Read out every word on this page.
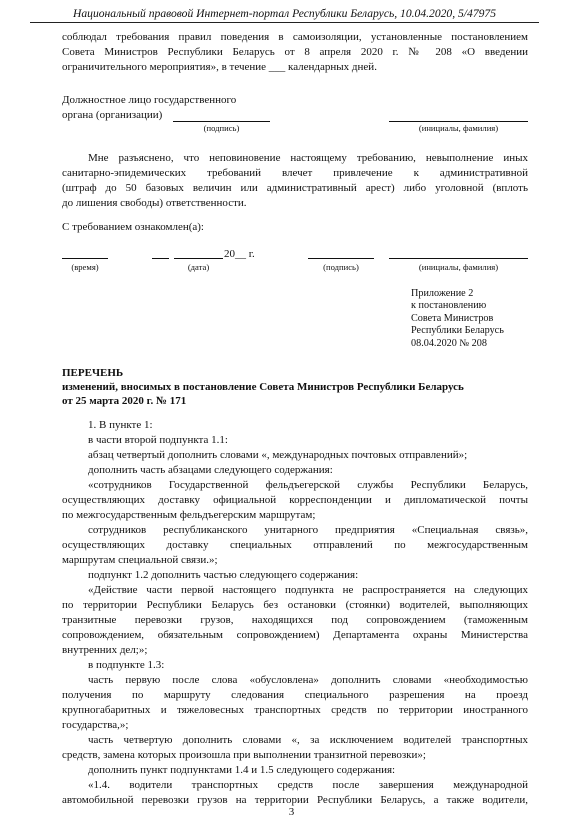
Национальный правовой Интернет-портал Республики Беларусь, 10.04.2020, 5/47975
соблюдал требования правил поведения в самоизоляции, установленные постановлением
Совета Министров Республики Беларусь от 8 апреля 2020 г. № 208 «О введении
ограничительного мероприятия», в течение ___ календарных дней.
Должностное лицо государственного
органа (организации)
(подпись)	(инициалы, фамилия)
Мне разъяснено, что неповиновение настоящему требованию, невыполнение иных
санитарно-эпидемических требований влечет привлечение к административной
(штраф до 50 базовых величин или административный арест) либо уголовной (вплоть
до лишения свободы) ответственности.
С требованием ознакомлен(а):
20__ г.
(время)	(дата)	(подпись)	(инициалы, фамилия)
Приложение 2
к постановлению
Совета Министров
Республики Беларусь
08.04.2020 № 208
ПЕРЕЧЕНЬ
изменений, вносимых в постановление Совета Министров Республики Беларусь
от 25 марта 2020 г. № 171
1. В пункте 1:
в части второй подпункта 1.1:
абзац четвертый дополнить словами «, международных почтовых отправлений»;
дополнить часть абзацами следующего содержания:
«сотрудников Государственной фельдъегерской службы Республики Беларусь,
осуществляющих доставку официальной корреспонденции и дипломатической почты
по межгосударственным фельдъегерским маршрутам;
сотрудников республиканского унитарного предприятия «Специальная связь»,
осуществляющих доставку специальных отправлений по межгосударственным
маршрутам специальной связи.»;
подпункт 1.2 дополнить частью следующего содержания:
«Действие части первой настоящего подпункта не распространяется на следующих
по территории Республики Беларусь без остановки (стоянки) водителей, выполняющих
транзитные перевозки грузов, находящихся под сопровождением (таможенным
сопровождением, обязательным сопровождением) Департамента охраны Министерства
внутренних дел;»;
в подпункте 1.3:
часть первую после слова «обусловлена» дополнить словами «необходимостью
получения по маршруту следования специального разрешения на проезд
крупногабаритных и тяжеловесных транспортных средств по территории иностранного
государства,»;
часть четвертую дополнить словами «, за исключением водителей транспортных
средств, замена которых произошла при выполнении транзитной перевозки»;
дополнить пункт подпунктами 1.4 и 1.5 следующего содержания:
«1.4. водители транспортных средств после завершения международной
автомобильной перевозки грузов на территории Республики Беларусь, а также водители,
3
